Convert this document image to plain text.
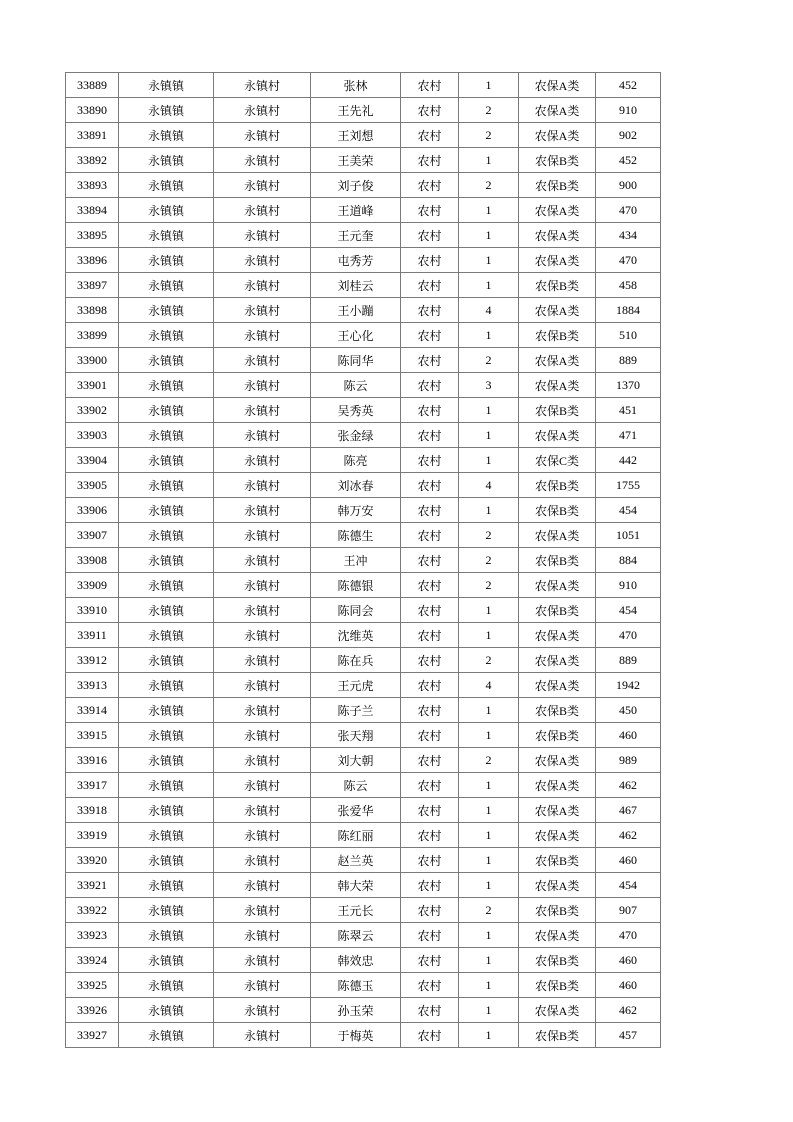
33889	永镇镇	永镇村	张林	农村	1	农保A类	452
33890	永镇镇	永镇村	王先礼	农村	2	农保A类	910
33891	永镇镇	永镇村	王刘想	农村	2	农保A类	902
33892	永镇镇	永镇村	王美荣	农村	1	农保B类	452
33893	永镇镇	永镇村	刘子俊	农村	2	农保B类	900
33894	永镇镇	永镇村	王道峰	农村	1	农保A类	470
33895	永镇镇	永镇村	王元奎	农村	1	农保A类	434
33896	永镇镇	永镇村	屯秀芳	农村	1	农保A类	470
33897	永镇镇	永镇村	刘桂云	农村	1	农保B类	458
33898	永镇镇	永镇村	王小蹦	农村	4	农保A类	1884
33899	永镇镇	永镇村	王心化	农村	1	农保B类	510
33900	永镇镇	永镇村	陈同华	农村	2	农保A类	889
33901	永镇镇	永镇村	陈云	农村	3	农保A类	1370
33902	永镇镇	永镇村	吴秀英	农村	1	农保B类	451
33903	永镇镇	永镇村	张金绿	农村	1	农保A类	471
33904	永镇镇	永镇村	陈亮	农村	1	农保C类	442
33905	永镇镇	永镇村	刘冰春	农村	4	农保B类	1755
33906	永镇镇	永镇村	韩万安	农村	1	农保B类	454
33907	永镇镇	永镇村	陈德生	农村	2	农保A类	1051
33908	永镇镇	永镇村	王冲	农村	2	农保B类	884
33909	永镇镇	永镇村	陈德银	农村	2	农保A类	910
33910	永镇镇	永镇村	陈同会	农村	1	农保B类	454
33911	永镇镇	永镇村	沈维英	农村	1	农保A类	470
33912	永镇镇	永镇村	陈在兵	农村	2	农保A类	889
33913	永镇镇	永镇村	王元虎	农村	4	农保A类	1942
33914	永镇镇	永镇村	陈子兰	农村	1	农保B类	450
33915	永镇镇	永镇村	张天翔	农村	1	农保B类	460
33916	永镇镇	永镇村	刘大朝	农村	2	农保A类	989
33917	永镇镇	永镇村	陈云	农村	1	农保A类	462
33918	永镇镇	永镇村	张爱华	农村	1	农保A类	467
33919	永镇镇	永镇村	陈红丽	农村	1	农保A类	462
33920	永镇镇	永镇村	赵兰英	农村	1	农保B类	460
33921	永镇镇	永镇村	韩大荣	农村	1	农保A类	454
33922	永镇镇	永镇村	王元长	农村	2	农保B类	907
33923	永镇镇	永镇村	陈翠云	农村	1	农保A类	470
33924	永镇镇	永镇村	韩效忠	农村	1	农保B类	460
33925	永镇镇	永镇村	陈德玉	农村	1	农保B类	460
33926	永镇镇	永镇村	孙玉荣	农村	1	农保A类	462
33927	永镇镇	永镇村	于梅英	农村	1	农保B类	457
